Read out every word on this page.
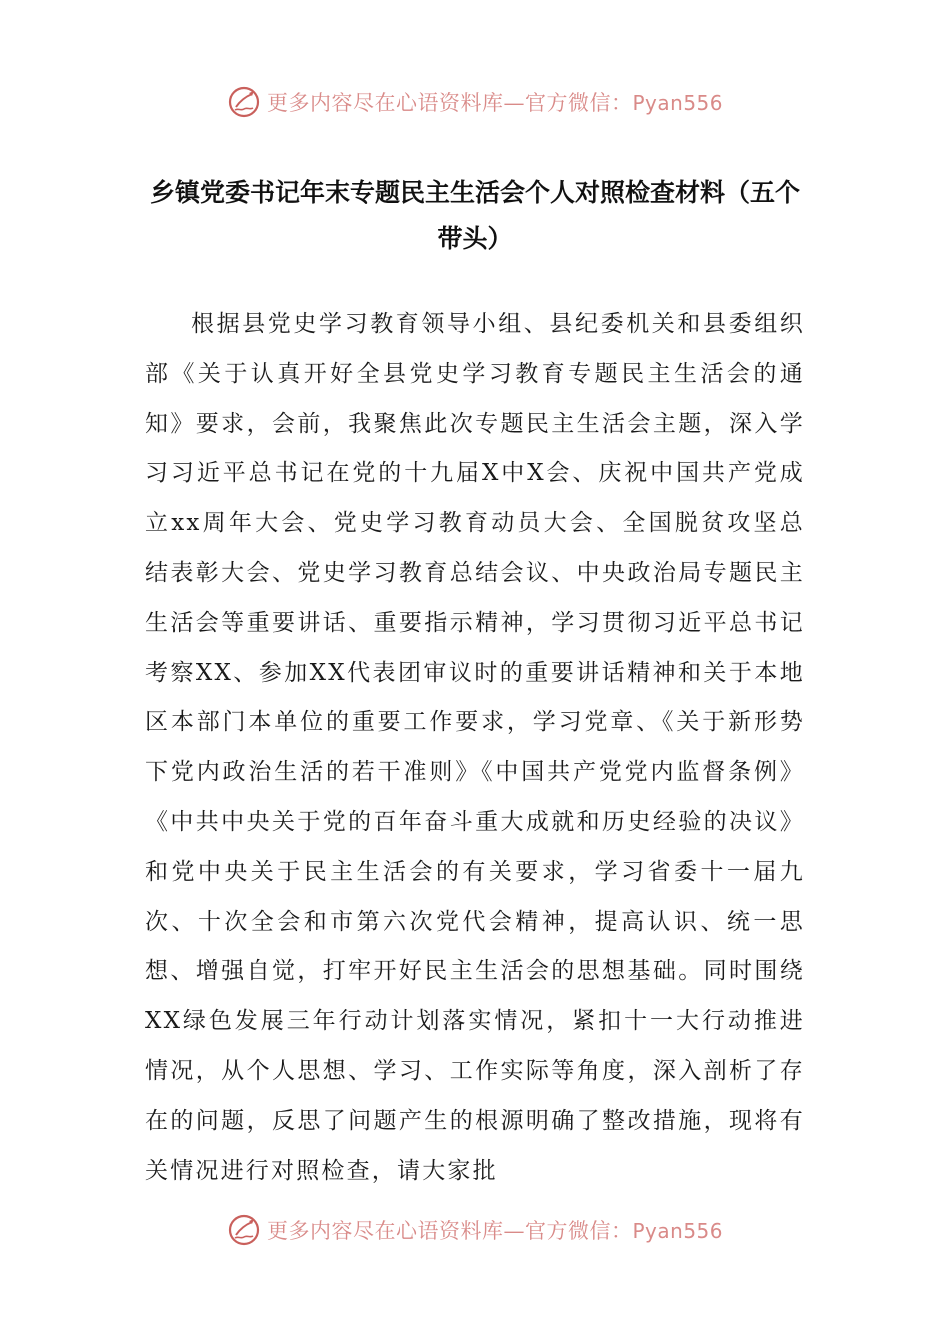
更多内容尽在心语资料库—官方微信：Pyan556
乡镇党委书记年末专题民主生活会个人对照检查材料（五个带头）

根据县党史学习教育领导小组、县纪委机关和县委组织部《关于认真开好全县党史学习教育专题民主生活会的通知》要求，会前，我聚焦此次专题民主生活会主题，深入学习习近平总书记在党的十九届X中X会、庆祝中国共产党成立xx周年大会、党史学习教育动员大会、全国脱贫攻坚总结表彰大会、党史学习教育总结会议、中央政治局专题民主生活会等重要讲话、重要指示精神，学习贯彻习近平总书记考察XX、参加XX代表团审议时的重要讲话精神和关于本地区本部门本单位的重要工作要求，学习党章、《关于新形势下党内政治生活的若干准则》《中国共产党党内监督条例》《中共中央关于党的百年奋斗重大成就和历史经验的决议》和党中央关于民主生活会的有关要求，学习省委十一届九次、十次全会和市第六次党代会精神，提高认识、统一思想、增强自觉，打牢开好民主生活会的思想基础。同时围绕XX绿色发展三年行动计划落实情况，紧扣十一大行动推进情况，从个人思想、学习、工作实际等角度，深入剖析了存在的问题，反思了问题产生的根源明确了整改措施，现将有关情况进行对照检查，请大家批

更多内容尽在心语资料库—官方微信：Pyan556
